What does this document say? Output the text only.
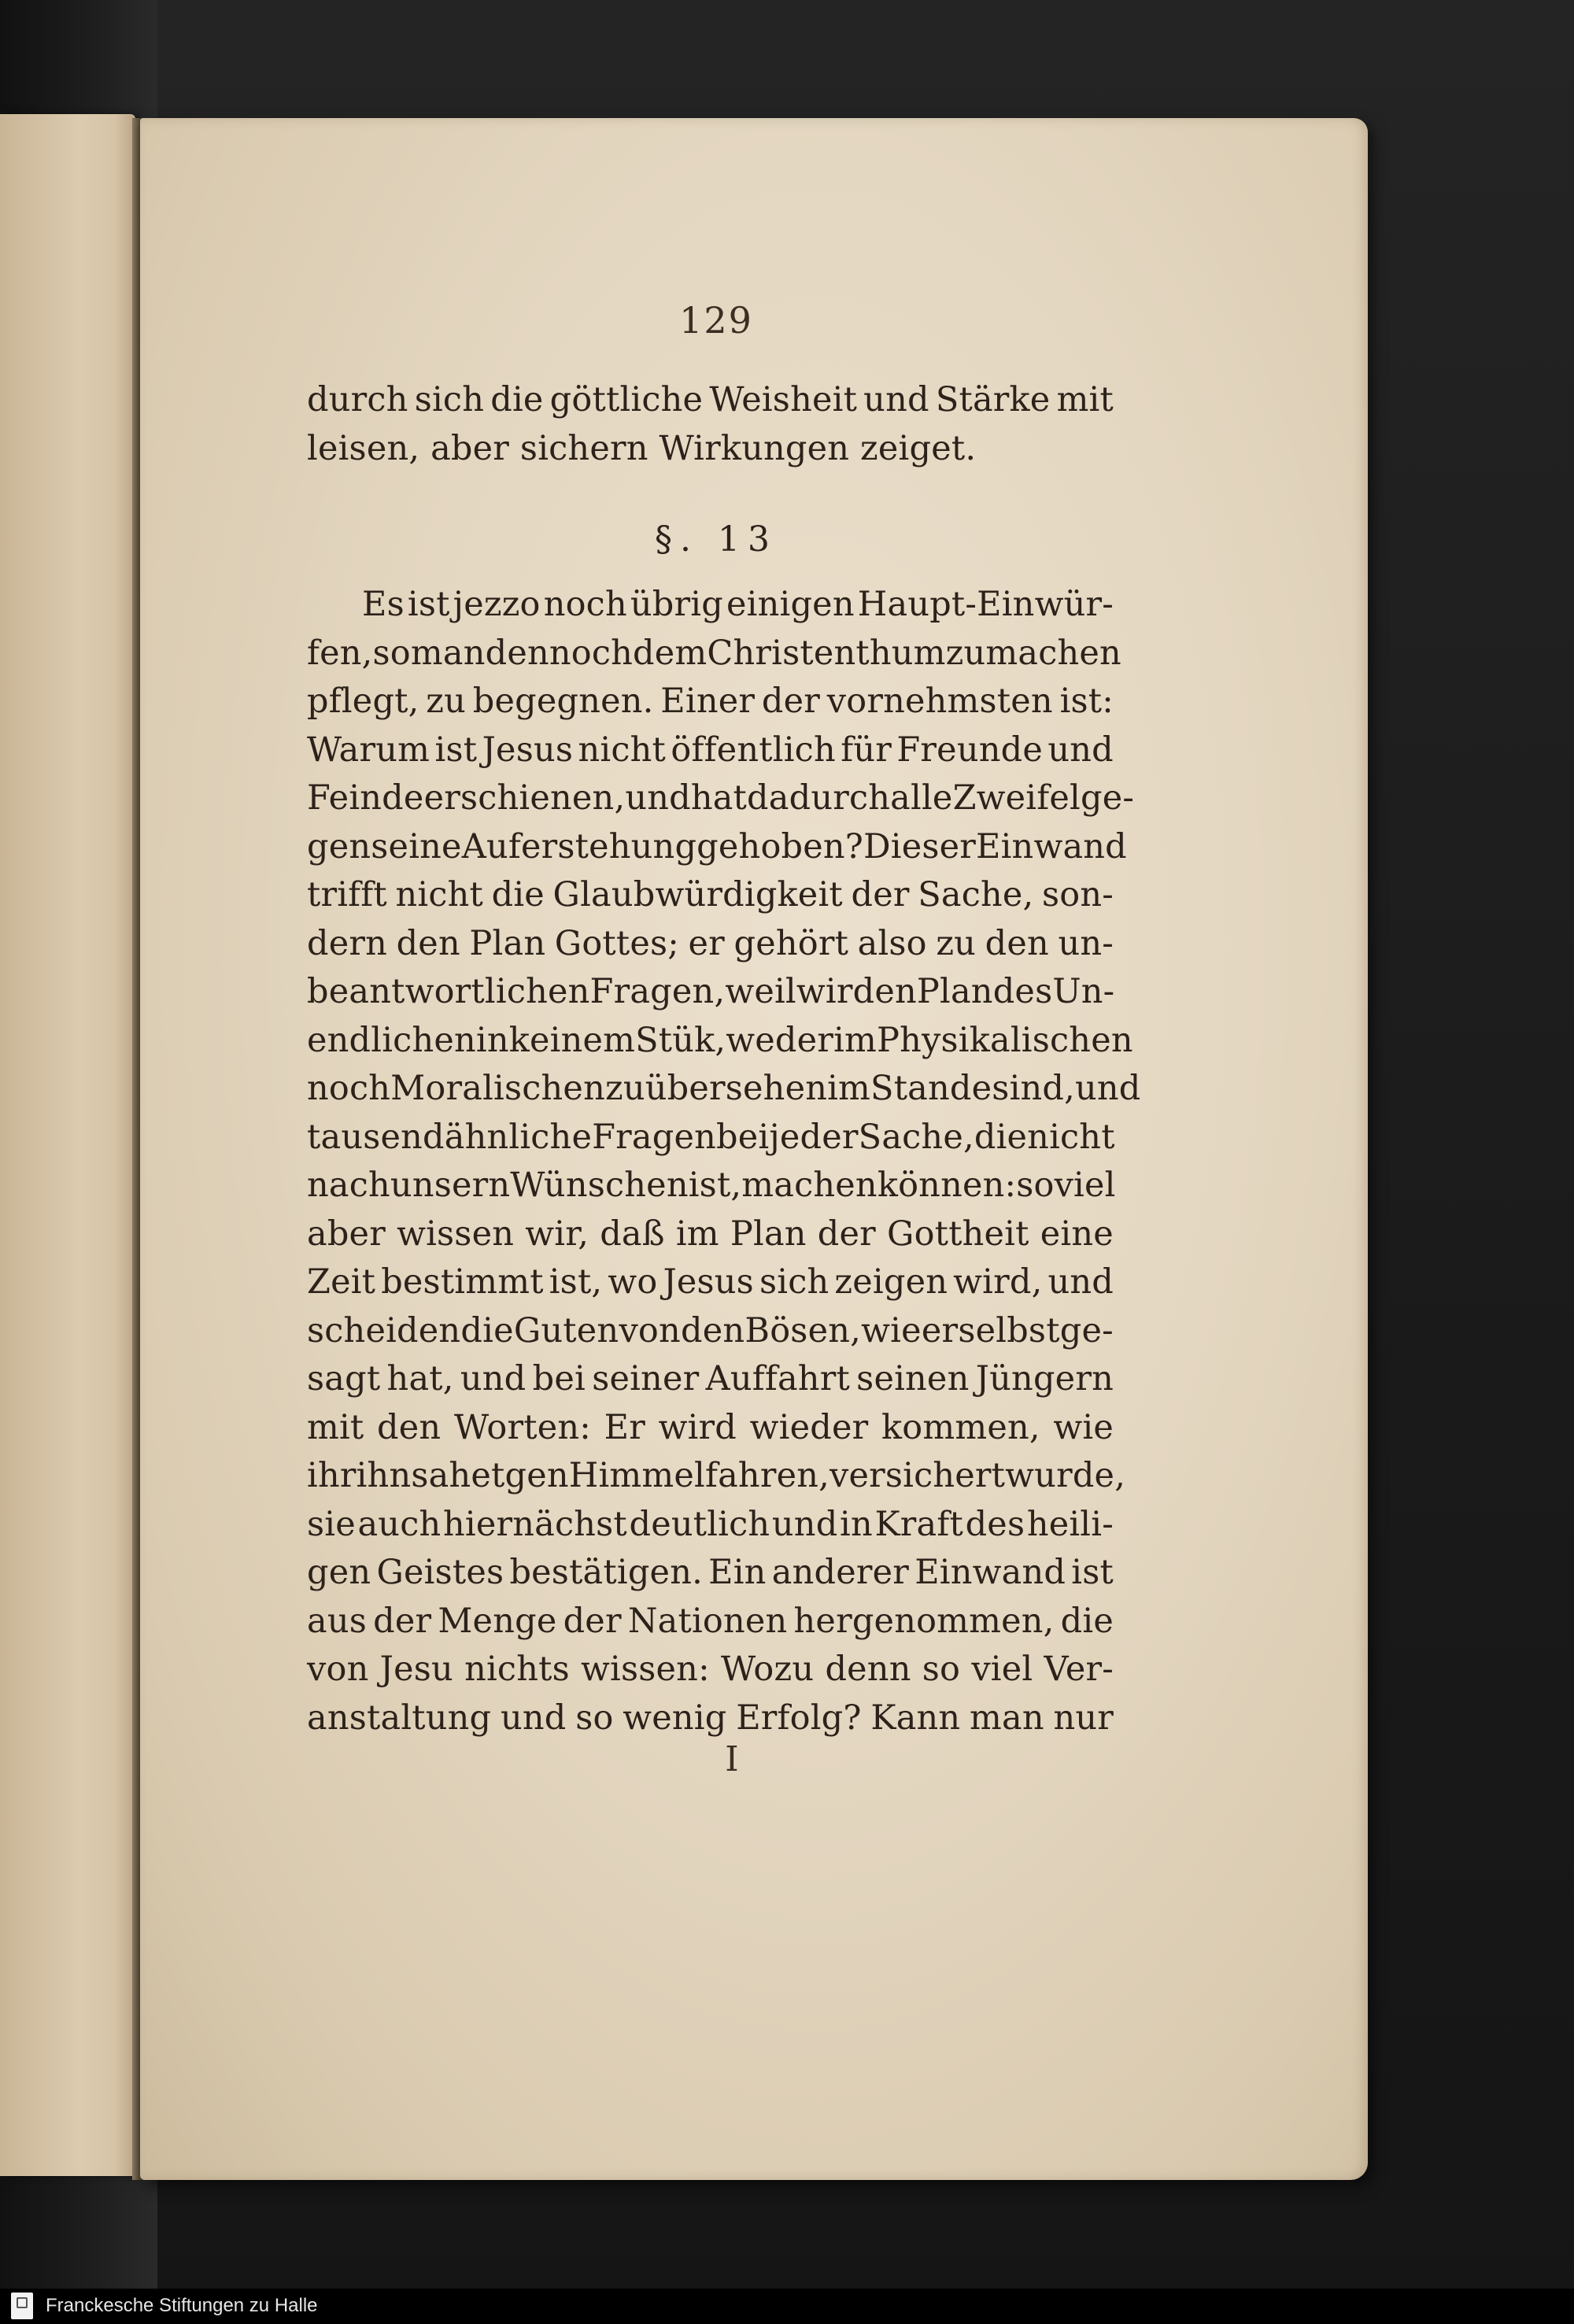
129
durch sich die göttliche Weisheit und Stärke mit
leisen, aber sichern Wirkungen zeiget.
§. 13
Es ist jezzo noch übrig einigen Haupt-Einwür-
fen, so man dennoch dem Christenthum zu machen
pflegt, zu begegnen. Einer der vornehmsten ist:
Warum ist Jesus nicht öffentlich für Freunde und
Feinde erschienen, und hat dadurch alle Zweifel ge-
gen seine Auferstehung gehoben? Dieser Einwand
trifft nicht die Glaubwürdigkeit der Sache, son-
dern den Plan Gottes; er gehört also zu den un-
beantwortlichen Fragen, weil wir den Plan des Un-
endlichen in keinem Stük, weder im Physikalischen
noch Moralischen zu übersehen im Stande sind, und
tausend ähnliche Fragen bei jeder Sache, die nicht
nach unsern Wünschen ist, machen können: so viel
aber wissen wir, daß im Plan der Gottheit eine
Zeit bestimmt ist, wo Jesus sich zeigen wird, und
scheiden die Guten von den Bösen, wie er selbst ge-
sagt hat, und bei seiner Auffahrt seinen Jüngern
mit den Worten: Er wird wieder kommen, wie
ihr ihn sahet gen Himmel fahren, versichert wurde,
sie auch hiernächst deutlich und in Kraft des heili-
gen Geistes bestätigen. Ein anderer Einwand ist
aus der Menge der Nationen hergenommen, die
von Jesu nichts wissen: Wozu denn so viel Ver-
anstaltung und so wenig Erfolg? Kann man nur
I
Franckesche Stiftungen zu Halle
